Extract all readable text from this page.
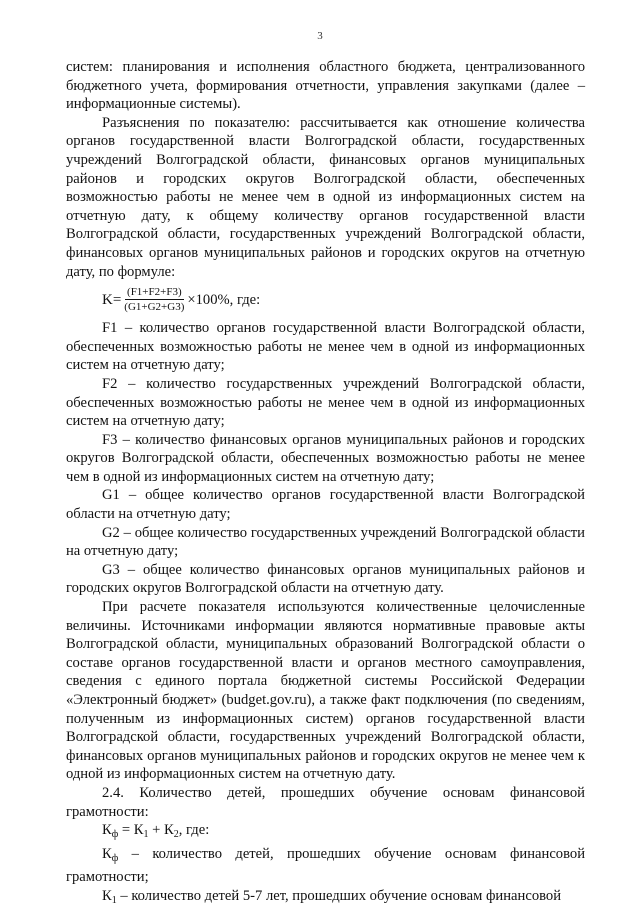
3

систем: планирования и исполнения областного бюджета, централизованного бюджетного учета, формирования отчетности, управления закупками (далее – информационные системы).

Разъяснения по показателю: рассчитывается как отношение количества органов государственной власти Волгоградской области, государственных учреждений Волгоградской области, финансовых органов муниципальных районов и городских округов Волгоградской области, обеспеченных возможностью работы не менее чем в одной из информационных систем на отчетную дату, к общему количеству органов государственной власти Волгоградской области, государственных учреждений Волгоградской области, финансовых органов муниципальных районов и городских округов на отчетную дату, по формуле:

$K= \frac{(F1+F2+F3)}{(G1+G2+G3)} \times 100\%$, где:

F1 – количество органов государственной власти Волгоградской области, обеспеченных возможностью работы не менее чем в одной из информационных систем на отчетную дату;

F2 – количество государственных учреждений Волгоградской области, обеспеченных возможностью работы не менее чем в одной из информационных систем на отчетную дату;

F3 – количество финансовых органов муниципальных районов и городских округов Волгоградской области, обеспеченных возможностью работы не менее чем в одной из информационных систем на отчетную дату;

G1 – общее количество органов государственной власти Волгоградской области на отчетную дату;

G2 – общее количество государственных учреждений Волгоградской области на отчетную дату;

G3 – общее количество финансовых органов муниципальных районов и городских округов Волгоградской области на отчетную дату.

При расчете показателя используются количественные целочисленные величины. Источниками информации являются нормативные правовые акты Волгоградской области, муниципальных образований Волгоградской области о составе органов государственной власти и органов местного самоуправления, сведения с единого портала бюджетной системы Российской Федерации «Электронный бюджет» (budget.gov.ru), а также факт подключения (по сведениям, полученным из информационных систем) органов государственной власти Волгоградской области, государственных учреждений Волгоградской области, финансовых органов муниципальных районов и городских округов не менее чем к одной из информационных систем на отчетную дату.

2.4. Количество детей, прошедших обучение основам финансовой грамотности:

$К_ф = К_1 + К_2$, где:

$К_ф$ – количество детей, прошедших обучение основам финансовой грамотности;

$К_1$ – количество детей 5-7 лет, прошедших обучение основам финансовой
